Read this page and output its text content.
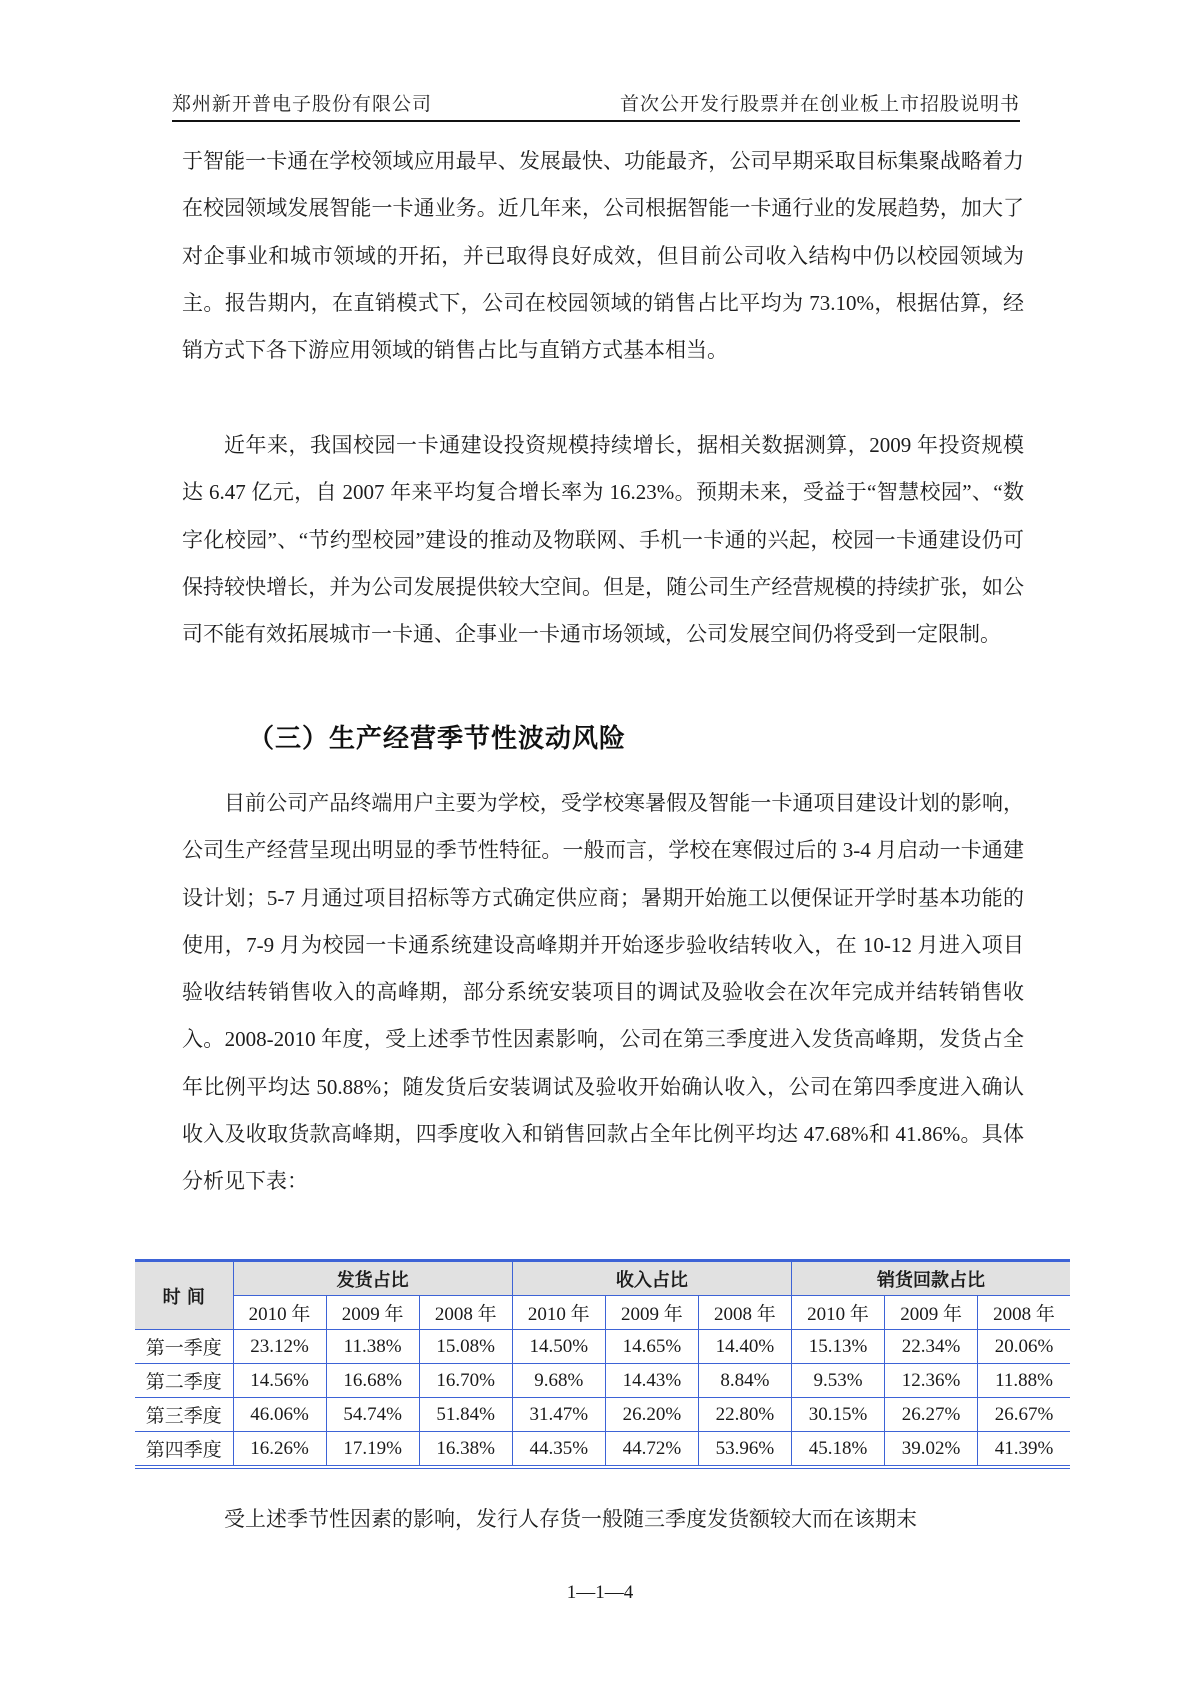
郑州新开普电子股份有限公司	首次公开发行股票并在创业板上市招股说明书

于智能一卡通在学校领域应用最早、发展最快、功能最齐，公司早期采取目标集聚战略着力在校园领域发展智能一卡通业务。近几年来，公司根据智能一卡通行业的发展趋势，加大了对企事业和城市领域的开拓，并已取得良好成效，但目前公司收入结构中仍以校园领域为主。报告期内，在直销模式下，公司在校园领域的销售占比平均为 73.10%，根据估算，经销方式下各下游应用领域的销售占比与直销方式基本相当。

近年来，我国校园一卡通建设投资规模持续增长，据相关数据测算，2009 年投资规模达 6.47 亿元，自 2007 年来平均复合增长率为 16.23%。预期未来，受益于“智慧校园”、“数字化校园”、“节约型校园”建设的推动及物联网、手机一卡通的兴起，校园一卡通建设仍可保持较快增长，并为公司发展提供较大空间。但是，随公司生产经营规模的持续扩张，如公司不能有效拓展城市一卡通、企事业一卡通市场领域，公司发展空间仍将受到一定限制。

（三）生产经营季节性波动风险

目前公司产品终端用户主要为学校，受学校寒暑假及智能一卡通项目建设计划的影响，公司生产经营呈现出明显的季节性特征。一般而言，学校在寒假过后的 3-4 月启动一卡通建设计划；5-7 月通过项目招标等方式确定供应商；暑期开始施工以便保证开学时基本功能的使用，7-9 月为校园一卡通系统建设高峰期并开始逐步验收结转收入，在 10-12 月进入项目验收结转销售收入的高峰期，部分系统安装项目的调试及验收会在次年完成并结转销售收入。2008-2010 年度，受上述季节性因素影响，公司在第三季度进入发货高峰期，发货占全年比例平均达 50.88%；随发货后安装调试及验收开始确认收入，公司在第四季度进入确认收入及收取货款高峰期，四季度收入和销售回款占全年比例平均达 47.68%和 41.86%。具体分析见下表：

时 间	发货占比			收入占比			销货回款占比		
	2010 年	2009 年	2008 年	2010 年	2009 年	2008 年	2010 年	2009 年	2008 年
第一季度	23.12%	11.38%	15.08%	14.50%	14.65%	14.40%	15.13%	22.34%	20.06%
第二季度	14.56%	16.68%	16.70%	9.68%	14.43%	8.84%	9.53%	12.36%	11.88%
第三季度	46.06%	54.74%	51.84%	31.47%	26.20%	22.80%	30.15%	26.27%	26.67%
第四季度	16.26%	17.19%	16.38%	44.35%	44.72%	53.96%	45.18%	39.02%	41.39%

受上述季节性因素的影响，发行人存货一般随三季度发货额较大而在该期末

1—1—4
